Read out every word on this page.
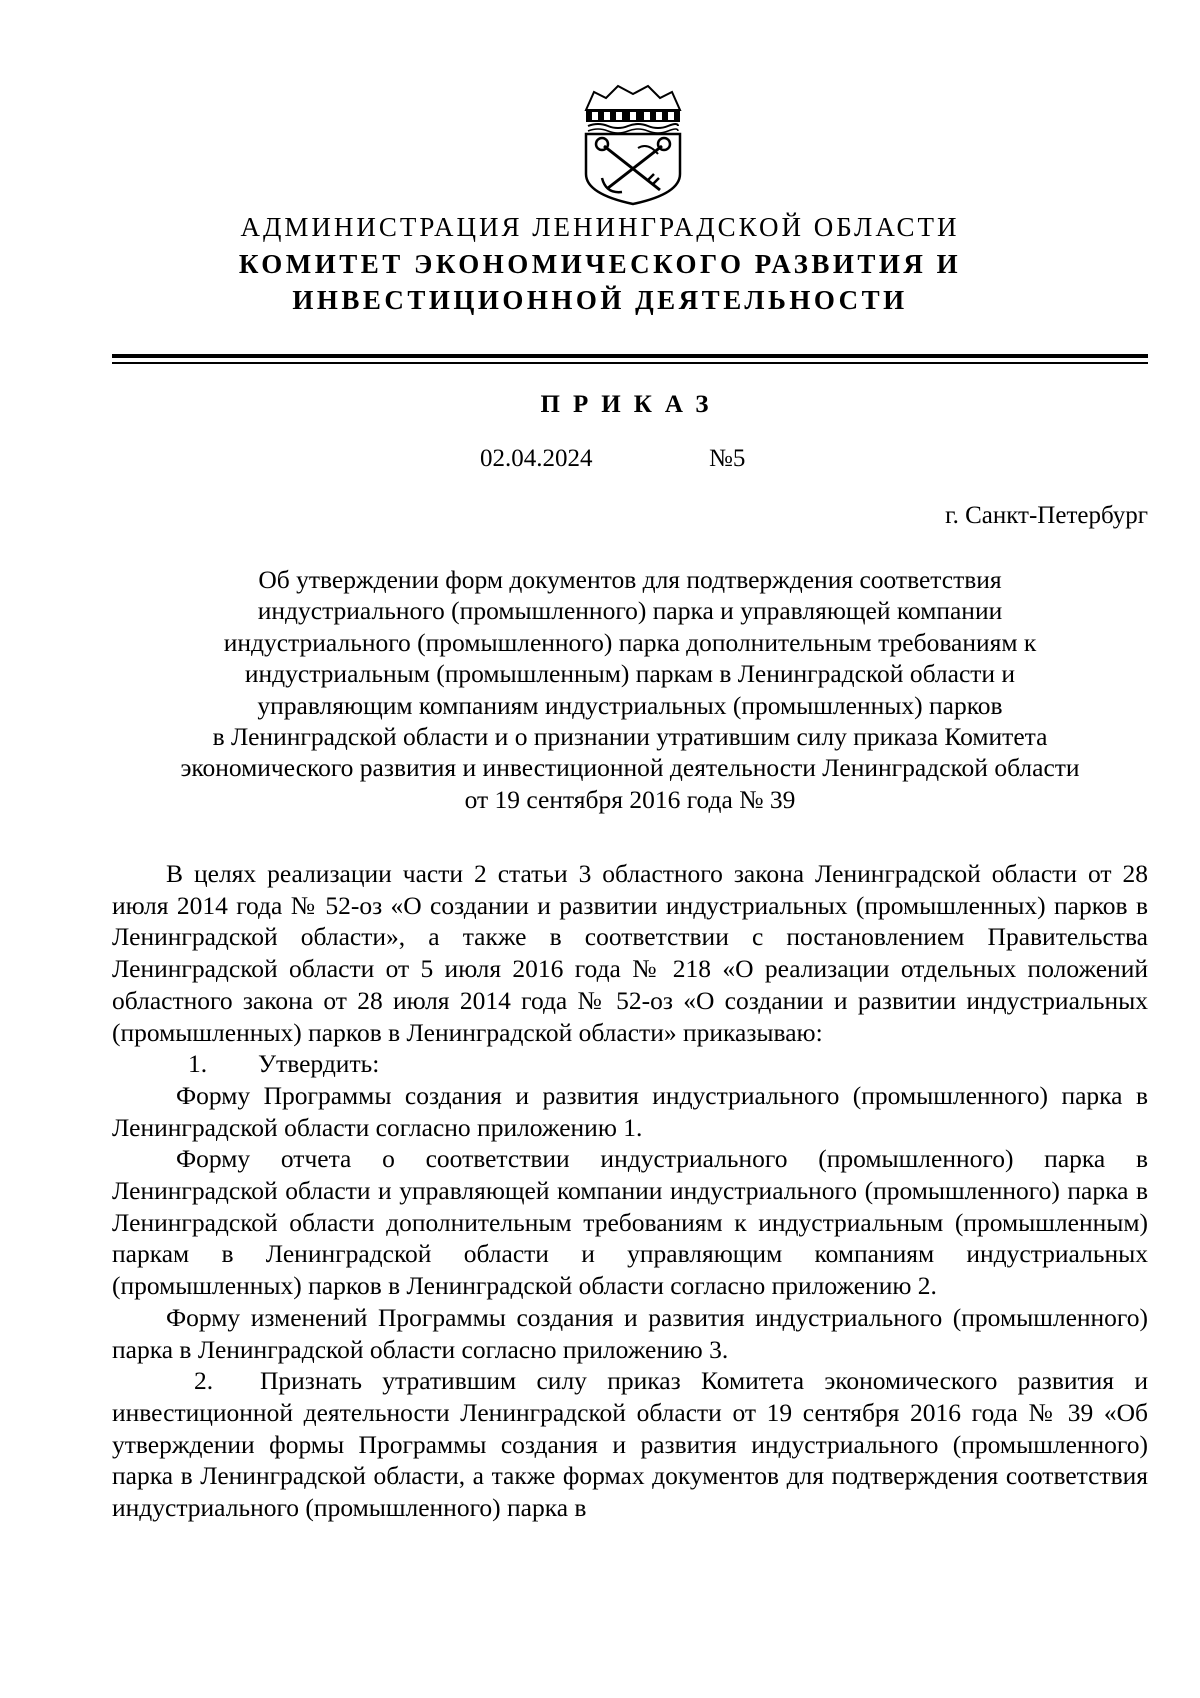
АДМИНИСТРАЦИЯ ЛЕНИНГРАДСКОЙ ОБЛАСТИ
КОМИТЕТ ЭКОНОМИЧЕСКОГО РАЗВИТИЯ И
ИНВЕСТИЦИОННОЙ ДЕЯТЕЛЬНОСТИ
ПРИКАЗ
02.04.2024	№5
г. Санкт-Петербург
Об утверждении форм документов для подтверждения соответствия
индустриального (промышленного) парка и управляющей компании
индустриального (промышленного) парка дополнительным требованиям к
индустриальным (промышленным) паркам в Ленинградской области и
управляющим компаниям индустриальных (промышленных) парков
в Ленинградской области и о признании утратившим силу приказа Комитета
экономического развития и инвестиционной деятельности Ленинградской области
от 19 сентября 2016 года № 39

В целях реализации части 2 статьи 3 областного закона Ленинградской области от 28 июля 2014 года № 52-оз «О создании и развитии индустриальных (промышленных) парков в Ленинградской области», а также в соответствии с постановлением Правительства Ленинградской области от 5 июля 2016 года № 218 «О реализации отдельных положений областного закона от 28 июля 2014 года № 52-оз «О создании и развитии индустриальных (промышленных) парков в Ленинградской области» приказываю:

1. Утвердить:

Форму Программы создания и развития индустриального (промышленного) парка в Ленинградской области согласно приложению 1.

Форму отчета о соответствии индустриального (промышленного) парка в Ленинградской области и управляющей компании индустриального (промышленного) парка в Ленинградской области дополнительным требованиям к индустриальным (промышленным) паркам в Ленинградской области и управляющим компаниям индустриальных (промышленных) парков в Ленинградской области согласно приложению 2.

Форму изменений Программы создания и развития индустриального (промышленного) парка в Ленинградской области согласно приложению 3.

2. Признать утратившим силу приказ Комитета экономического развития и инвестиционной деятельности Ленинградской области от 19 сентября 2016 года № 39 «Об утверждении формы Программы создания и развития индустриального (промышленного) парка в Ленинградской области, а также формах документов для подтверждения соответствия индустриального (промышленного) парка в
